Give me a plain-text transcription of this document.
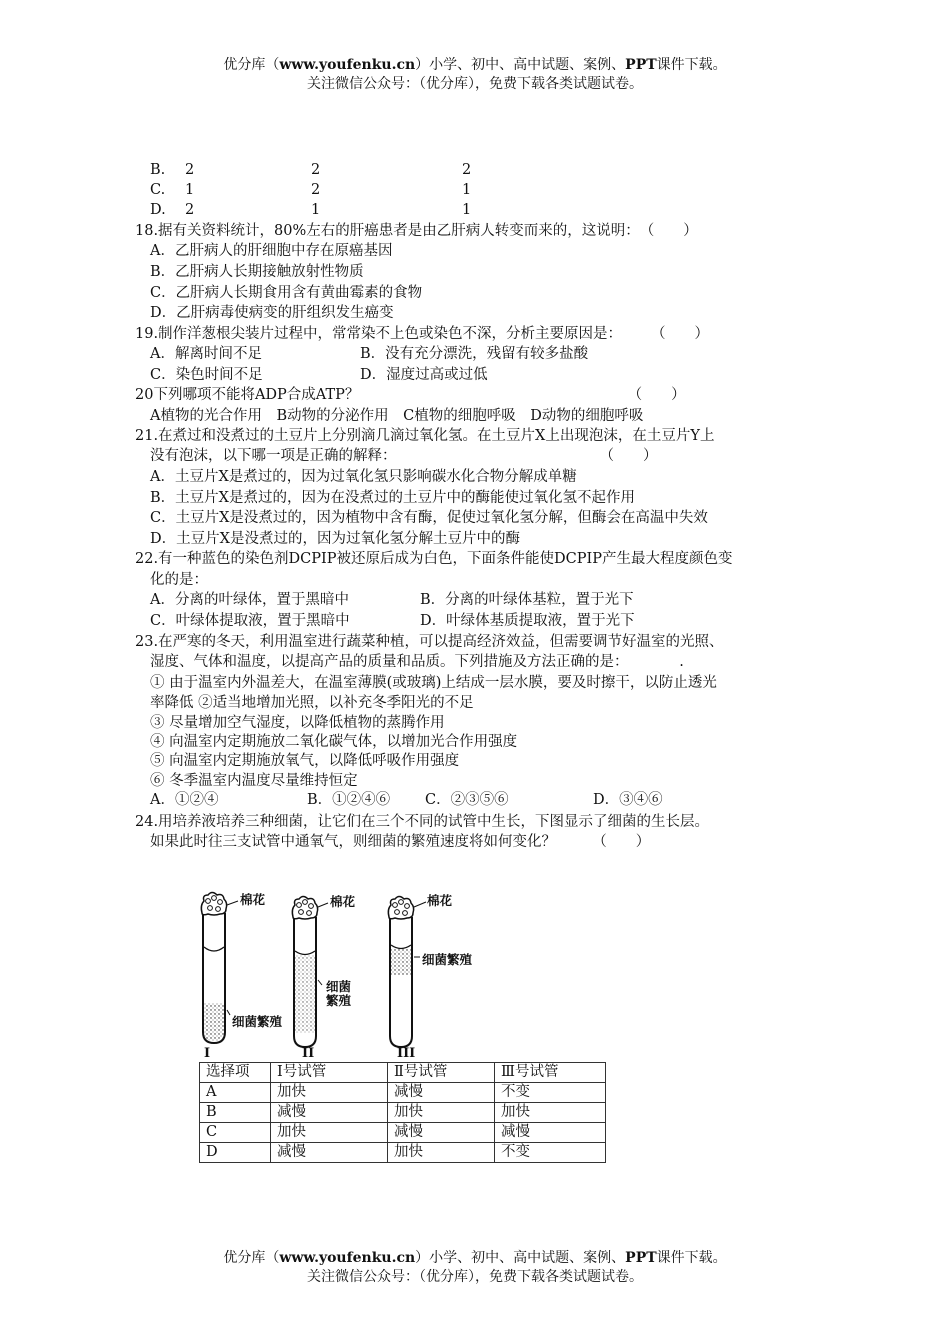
优分库（www.youfenku.cn）小学、初中、高中试题、案例、PPT课件下载。
关注微信公众号：（优分库），免费下载各类试题试卷。
B. 2	2	2
C. 1	2	1
D. 2	1	1
18.据有关资料统计，80%左右的肝癌患者是由乙肝病人转变而来的，这说明：　（　　）
A．乙肝病人的肝细胞中存在原癌基因
B．乙肝病人长期接触放射性物质
C．乙肝病人长期食用含有黄曲霉素的食物
D．乙肝病毒使病变的肝组织发生癌变
19.制作洋葱根尖装片过程中，常常染不上色或染色不深，分析主要原因是：　　　（　　）
A．解离时间不足	B．没有充分漂洗，残留有较多盐酸
C．染色时间不足	D．湿度过高或过低
20下列哪项不能将ADP合成ATP？　　　　　　　　　　　　　　　　　　　（　　）
A植物的光合作用　B动物的分泌作用　C植物的细胞呼吸　D动物的细胞呼吸
21.在煮过和没煮过的土豆片上分别滴几滴过氧化氢。在土豆片X上出现泡沫，在土豆片Y上
没有泡沫，以下哪一项是正确的解释：　　　　　　　　　　　　　　　（　　）
A．土豆片X是煮过的，因为过氧化氢只影响碳水化合物分解成单糖
B．土豆片X是煮过的，因为在没煮过的土豆片中的酶能使过氧化氢不起作用
C．土豆片X是没煮过的，因为植物中含有酶，促使过氧化氢分解，但酶会在高温中失效
D．土豆片X是没煮过的，因为过氧化氢分解土豆片中的酶
22.有一种蓝色的染色剂DCPIP被还原后成为白色，下面条件能使DCPIP产生最大程度颜色变
化的是：
A．分离的叶绿体，置于黑暗中	B．分离的叶绿体基粒，置于光下
C．叶绿体提取液，置于黑暗中	D．叶绿体基质提取液，置于光下
23.在严寒的冬天，利用温室进行蔬菜种植，可以提高经济效益，但需要调节好温室的光照、
湿度、气体和温度，以提高产品的质量和品质。下列措施及方法正确的是：　　　　.
① 由于温室内外温差大，在温室薄膜(或玻璃)上结成一层水膜，要及时擦干，以防止透光
率降低 ②适当地增加光照，以补充冬季阳光的不足
③ 尽量增加空气湿度，以降低植物的蒸腾作用
④ 向温室内定期施放二氧化碳气体，以增加光合作用强度
⑤ 向温室内定期施放氧气，以降低呼吸作用强度
⑥ 冬季温室内温度尽量维持恒定
A．①②④	B．①②④⑥ C．②③⑤⑥	D．③④⑥
24.用培养液培养三种细菌，让它们在三个不同的试管中生长，下图显示了细菌的生长层。
如果此时往三支试管中通氧气，则细菌的繁殖速度将如何变化？　　　（　　）
棉花	棉花	棉花
细菌繁殖
细菌繁殖
细菌繁殖
I	II	III
选择项	Ⅰ号试管	Ⅱ号试管	Ⅲ号试管
A	加快	减慢	不变
B	减慢	加快	加快
C	加快	减慢	减慢
D	减慢	加快	不变
优分库（www.youfenku.cn）小学、初中、高中试题、案例、PPT课件下载。
关注微信公众号：（优分库），免费下载各类试题试卷。
